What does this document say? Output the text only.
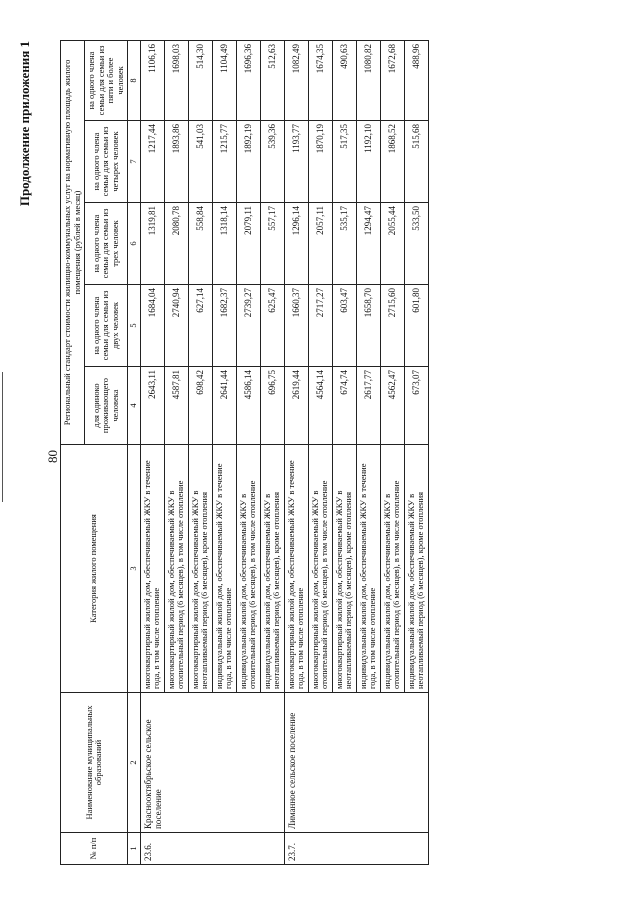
Продолжение приложения 1
80
№ п/п	Наименование муниципальных образований	Категория жилого помещения	Региональный стандарт стоимости жилищно-коммунальных услуг на нормативную площадь жилого помещения (рублей в месяц)				
			для одиноко проживающего человека	на одного члена семьи для семьи из двух человек	на одного члена семьи для семьи из трех человек	на одного члена семьи для семьи из четырех человек	на одного члена семьи для семьи из пяти и более человек
1	2	3	4	5	6	7	8
23.6.	Краснооктябрьское сельское поселение	многоквартирный жилой дом, обеспечиваемый ЖКУ в течение года, в том числе отопление	2643,11	1684,04	1319,81	1217,44	1106,16
		многоквартирный жилой дом, обеспечиваемый ЖКУ в отопительный период (6 месяцев), в том числе отопление	4587,81	2740,94	2080,78	1893,86	1698,03
		многоквартирный жилой дом, обеспечиваемый ЖКУ в неотапливаемый период (6 месяцев), кроме отопления	698,42	627,14	558,84	541,03	514,30
		индивидуальный жилой дом, обеспечиваемый ЖКУ в течение года, в том числе отопление	2641,44	1682,37	1318,14	1215,77	1104,49
		индивидуальный жилой дом, обеспечиваемый ЖКУ в отопительный период (6 месяцев), в том числе отопление	4586,14	2739,27	2079,11	1892,19	1696,36
		индивидуальный жилой дом, обеспечиваемый ЖКУ в неотапливаемый период (6 месяцев), кроме отопления	696,75	625,47	557,17	539,36	512,63
23.7.	Лиманное сельское поселение	многоквартирный жилой дом, обеспечиваемый ЖКУ в течение года, в том числе отопление	2619,44	1660,37	1296,14	1193,77	1082,49
		многоквартирный жилой дом, обеспечиваемый ЖКУ в отопительный период (6 месяцев), в том числе отопление	4564,14	2717,27	2057,11	1870,19	1674,35
		многоквартирный жилой дом, обеспечиваемый ЖКУ в неотапливаемый период (6 месяцев), кроме отопления	674,74	603,47	535,17	517,35	490,63
		индивидуальный жилой дом, обеспечиваемый ЖКУ в течение года, в том числе отопление	2617,77	1658,70	1294,47	1192,10	1080,82
		индивидуальный жилой дом, обеспечиваемый ЖКУ в отопительный период (6 месяцев), в том числе отопление	4562,47	2715,60	2055,44	1868,52	1672,68
		индивидуальный жилой дом, обеспечиваемый ЖКУ в неотапливаемый период (6 месяцев), кроме отопления	673,07	601,80	533,50	515,68	488,96
